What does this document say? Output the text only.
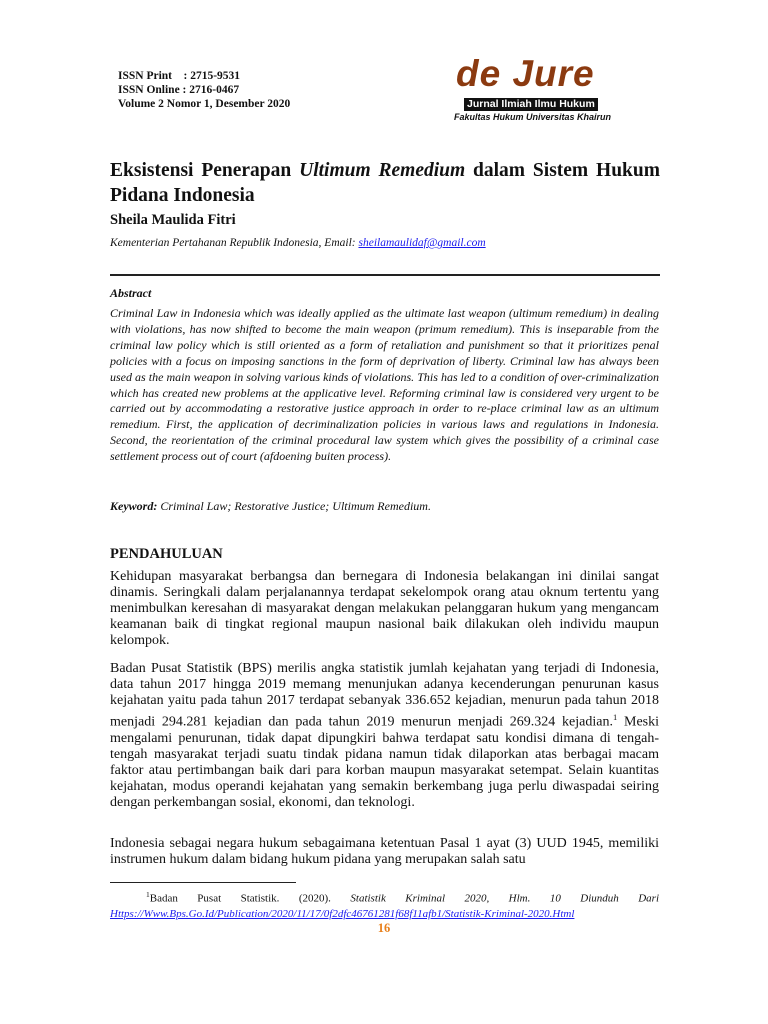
ISSN Print    : 2715-9531
ISSN Online : 2716-0467
Volume 2 Nomor 1, Desember 2020
de Jure
Jurnal Ilmiah Ilmu Hukum
Fakultas Hukum Universitas Khairun
Eksistensi Penerapan Ultimum Remedium dalam Sistem Hukum Pidana Indonesia
Sheila Maulida Fitri
Kementerian Pertahanan Republik Indonesia, Email: sheilamaulidaf@gmail.com
Abstract
Criminal Law in Indonesia which was ideally applied as the ultimate last weapon (ultimum remedium) in dealing with violations, has now shifted to become the main weapon (primum remedium). This is inseparable from the criminal law policy which is still oriented as a form of retaliation and punishment so that it prioritizes penal policies with a focus on imposing sanctions in the form of deprivation of liberty. Criminal law has always been used as the main weapon in solving various kinds of violations. This has led to a condition of over-criminalization which has created new problems at the applicative level. Reforming criminal law is considered very urgent to be carried out by accommodating a restorative justice approach in order to re-place criminal law as an ultimum remedium. First, the application of decriminalization policies in various laws and regulations in Indonesia. Second, the reorientation of the criminal procedural law system which gives the possibility of a criminal case settlement process out of court (afdoening buiten process).
Keyword: Criminal Law; Restorative Justice; Ultimum Remedium.
PENDAHULUAN
Kehidupan masyarakat berbangsa dan bernegara di Indonesia belakangan ini dinilai sangat dinamis. Seringkali dalam perjalanannya terdapat sekelompok orang atau oknum tertentu yang menimbulkan keresahan di masyarakat dengan melakukan pelanggaran hukum yang mengancam keamanan baik di tingkat regional maupun nasional baik dilakukan oleh individu maupun kelompok.
Badan Pusat Statistik (BPS) merilis angka statistik jumlah kejahatan yang terjadi di Indonesia, data tahun 2017 hingga 2019 memang menunjukan adanya kecenderungan penurunan kasus kejahatan yaitu pada tahun 2017 terdapat sebanyak 336.652 kejadian, menurun pada tahun 2018 menjadi 294.281 kejadian dan pada tahun 2019 menurun menjadi 269.324 kejadian.$^1$ Meski mengalami penurunan, tidak dapat dipungkiri bahwa terdapat satu kondisi dimana di tengah-tengah masyarakat terjadi suatu tindak pidana namun tidak dilaporkan atas berbagai macam faktor atau pertimbangan baik dari para korban maupun masyarakat setempat. Selain kuantitas kejahatan, modus operandi kejahatan yang semakin berkembang juga perlu diwaspadai seiring dengan perkembangan sosial, ekonomi, dan teknologi.
Indonesia sebagai negara hukum sebagaimana ketentuan Pasal 1 ayat (3) UUD 1945, memiliki instrumen hukum dalam bidang hukum pidana yang merupakan salah satu
$^1$Badan Pusat Statistik. (2020). Statistik Kriminal 2020, Hlm. 10 Diunduh Dari Https://Www.Bps.Go.Id/Publication/2020/11/17/0f2dfc46761281f68f11afb1/Statistik-Kriminal-2020.Html
16
